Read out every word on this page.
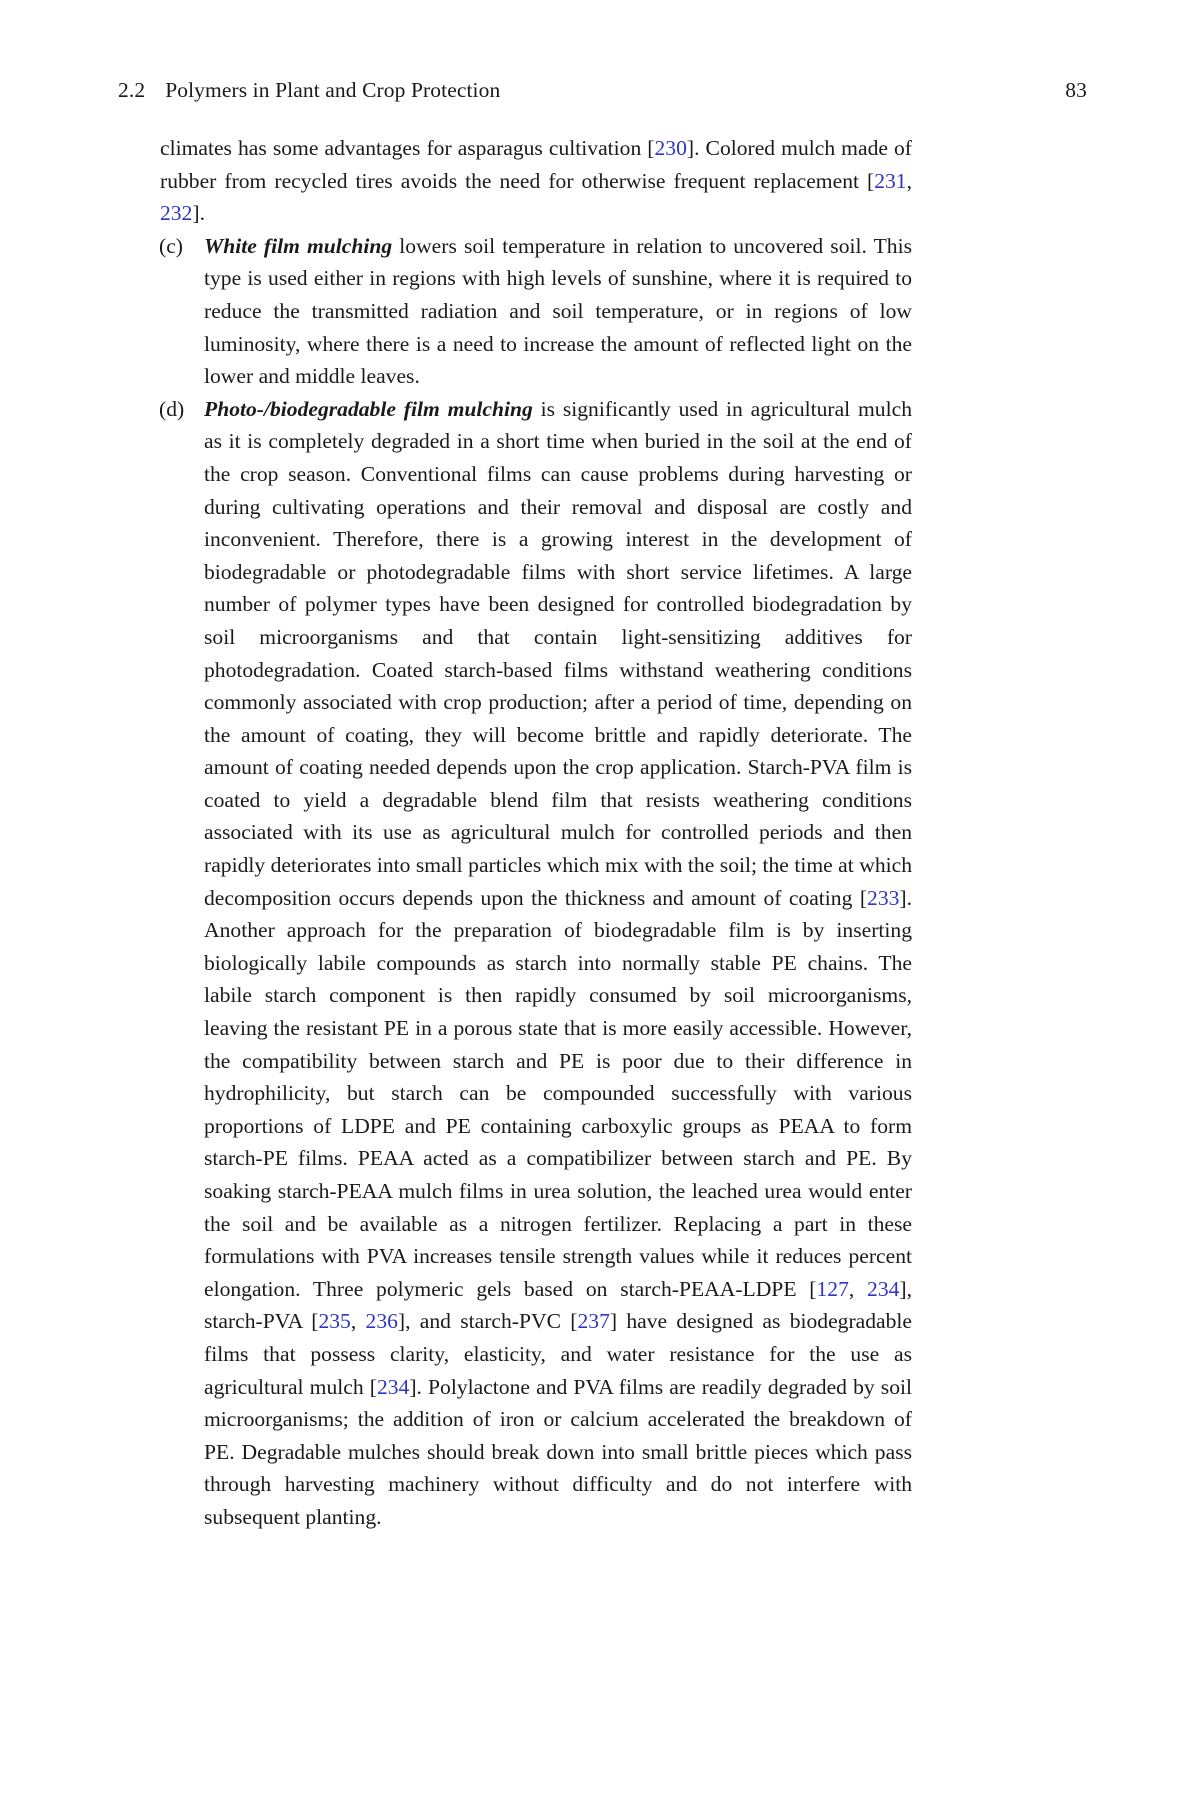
2.2 Polymers in Plant and Crop Protection	83

climates has some advantages for asparagus cultivation [230]. Colored mulch made of rubber from recycled tires avoids the need for otherwise frequent replacement [231, 232].

(c) White film mulching lowers soil temperature in relation to uncovered soil. This type is used either in regions with high levels of sunshine, where it is required to reduce the transmitted radiation and soil temperature, or in regions of low luminosity, where there is a need to increase the amount of reflected light on the lower and middle leaves.
(d) Photo-/biodegradable film mulching is significantly used in agricultural mulch as it is completely degraded in a short time when buried in the soil at the end of the crop season. Conventional films can cause problems during harvesting or during cultivating operations and their removal and disposal are costly and inconvenient. Therefore, there is a growing interest in the development of biodegradable or photodegradable films with short service lifetimes. A large number of polymer types have been designed for controlled biodegradation by soil microorganisms and that contain light-sensitizing additives for photodegradation. Coated starch-based films withstand weathering conditions commonly associated with crop production; after a period of time, depending on the amount of coating, they will become brittle and rapidly deteriorate. The amount of coating needed depends upon the crop application. Starch-PVA film is coated to yield a degradable blend film that resists weathering conditions associated with its use as agricultural mulch for controlled periods and then rapidly deteriorates into small particles which mix with the soil; the time at which decomposition occurs depends upon the thickness and amount of coating [233]. Another approach for the preparation of biodegradable film is by inserting biologically labile compounds as starch into normally stable PE chains. The labile starch component is then rapidly consumed by soil microorganisms, leaving the resistant PE in a porous state that is more easily accessible. However, the compatibility between starch and PE is poor due to their difference in hydrophilicity, but starch can be compounded successfully with various proportions of LDPE and PE containing carboxylic groups as PEAA to form starch-PE films. PEAA acted as a compatibilizer between starch and PE. By soaking starch-PEAA mulch films in urea solution, the leached urea would enter the soil and be available as a nitrogen fertilizer. Replacing a part in these formulations with PVA increases tensile strength values while it reduces percent elongation. Three polymeric gels based on starch-PEAA-LDPE [127, 234], starch-PVA [235, 236], and starch-PVC [237] have designed as biodegradable films that possess clarity, elasticity, and water resistance for the use as agricultural mulch [234]. Polylactone and PVA films are readily degraded by soil microorganisms; the addition of iron or calcium accelerated the breakdown of PE. Degradable mulches should break down into small brittle pieces which pass through harvesting machinery without difficulty and do not interfere with subsequent planting.
